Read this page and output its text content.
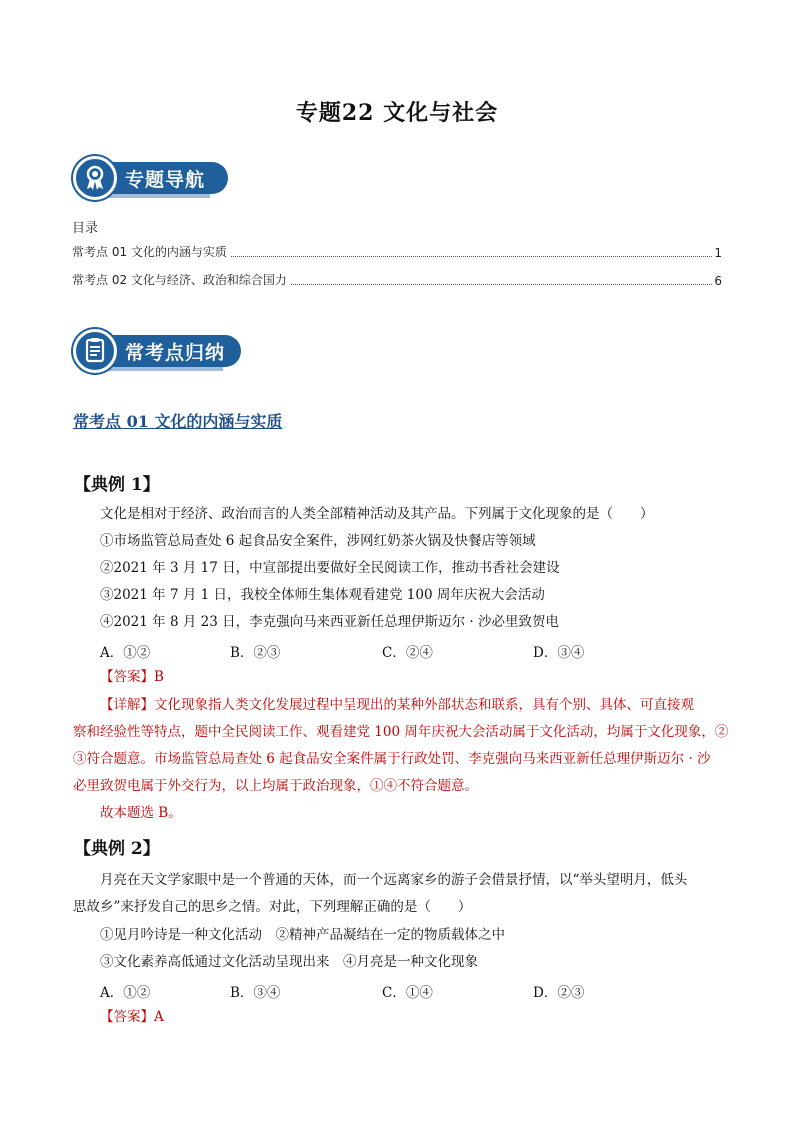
专题22 文化与社会
专题导航
目录
常考点 01 文化的内涵与实质	1
常考点 02 文化与经济、政治和综合国力	6
常考点归纳
常考点 01 文化的内涵与实质
【典例 1】
文化是相对于经济、政治而言的人类全部精神活动及其产品。下列属于文化现象的是（　　）
①市场监管总局查处 6 起食品安全案件，涉网红奶茶火锅及快餐店等领域
②2021 年 3 月 17 日，中宣部提出要做好全民阅读工作，推动书香社会建设
③2021 年 7 月 1 日，我校全体师生集体观看建党 100 周年庆祝大会活动
④2021 年 8 月 23 日，李克强向马来西亚新任总理伊斯迈尔 · 沙必里致贺电
A．①②	B．②③	C．②④	D．③④
【答案】B
【详解】文化现象指人类文化发展过程中呈现出的某种外部状态和联系，具有个别、具体、可直接观
察和经验性等特点，题中全民阅读工作、观看建党 100 周年庆祝大会活动属于文化活动，均属于文化现象，②
③符合题意。市场监管总局查处 6 起食品安全案件属于行政处罚、李克强向马来西亚新任总理伊斯迈尔 · 沙
必里致贺电属于外交行为，以上均属于政治现象，①④不符合题意。
故本题选 B。
【典例 2】
月亮在天文学家眼中是一个普通的天体，而一个远离家乡的游子会借景抒情，以“举头望明月，低头
思故乡”来抒发自己的思乡之情。对此，下列理解正确的是（　　）
①见月吟诗是一种文化活动　②精神产品凝结在一定的物质载体之中
③文化素养高低通过文化活动呈现出来　④月亮是一种文化现象
A．①②	B．③④	C．①④	D．②③
【答案】A
